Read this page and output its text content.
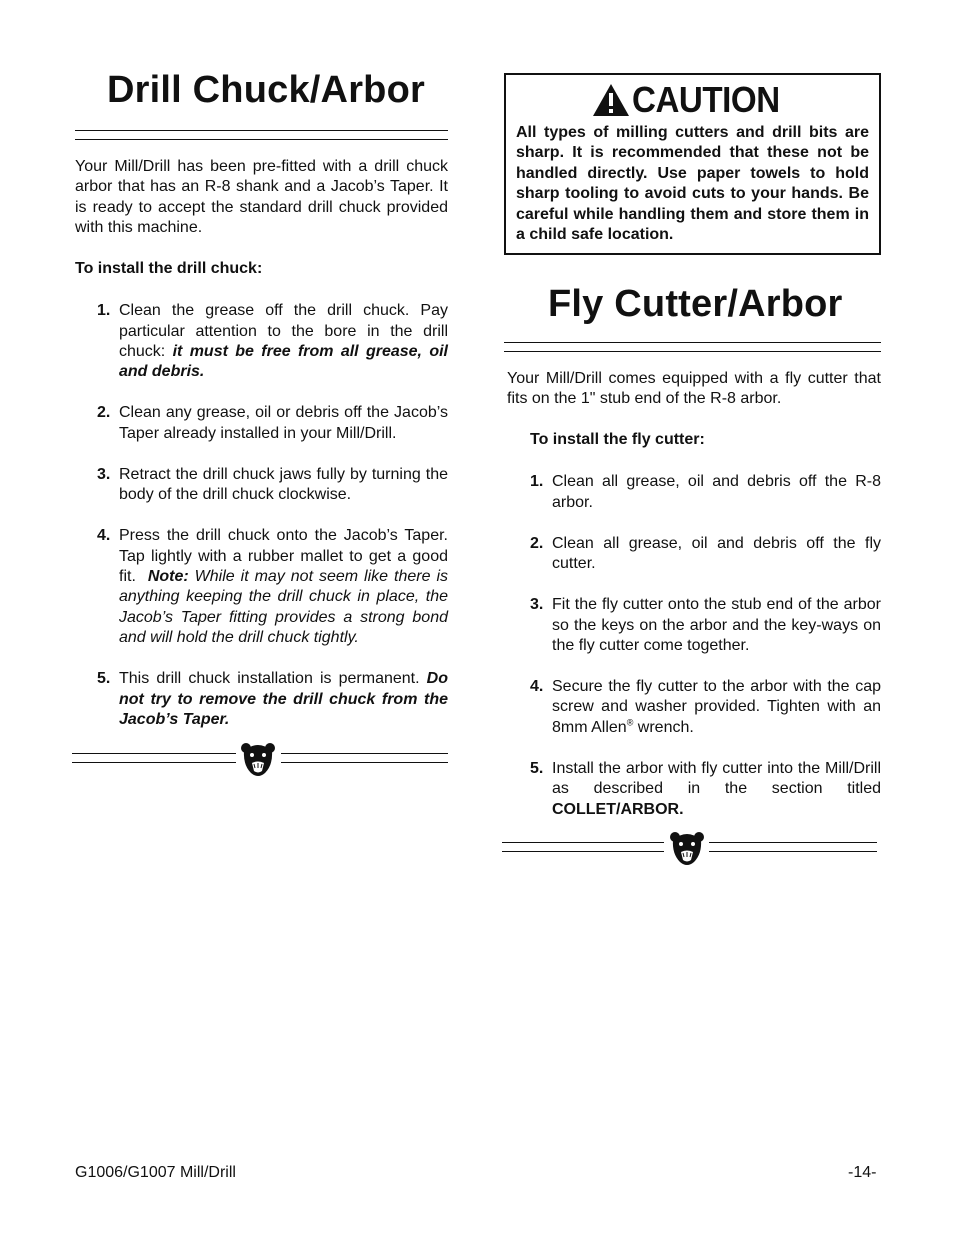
Drill Chuck/Arbor

Your Mill/Drill has been pre-fitted with a drill chuck arbor that has an R-8 shank and a Jacob’s Taper. It is ready to accept the standard drill chuck provided with this machine.

To install the drill chuck:

1. Clean the grease off the drill chuck. Pay particular attention to the bore in the drill chuck: it must be free from all grease, oil and debris.
2. Clean any grease, oil or debris off the Jacob’s Taper already installed in your Mill/Drill.
3. Retract the drill chuck jaws fully by turning the body of the drill chuck clockwise.
4. Press the drill chuck onto the Jacob’s Taper. Tap lightly with a rubber mallet to get a good fit. Note: While it may not seem like there is anything keeping the drill chuck in place, the Jacob’s Taper fitting provides a strong bond and will hold the drill chuck tightly.
5. This drill chuck installation is permanent. Do not try to remove the drill chuck from the Jacob’s Taper.
CAUTION

All types of milling cutters and drill bits are sharp. It is recommended that these not be handled directly. Use paper towels to hold sharp tooling to avoid cuts to your hands. Be careful while handling them and store them in a child safe location.

Fly Cutter/Arbor

Your Mill/Drill comes equipped with a fly cutter that fits on the 1" stub end of the R-8 arbor.

To install the fly cutter:

1. Clean all grease, oil and debris off the R-8 arbor.
2. Clean all grease, oil and debris off the fly cutter.
3. Fit the fly cutter onto the stub end of the arbor so the keys on the arbor and the key-ways on the fly cutter come together.
4. Secure the fly cutter to the arbor with the cap screw and washer provided. Tighten with an 8mm Allen® wrench.
5. Install the arbor with fly cutter into the Mill/Drill as described in the section titled COLLET/ARBOR.
G1006/G1007 Mill/Drill	-14-
